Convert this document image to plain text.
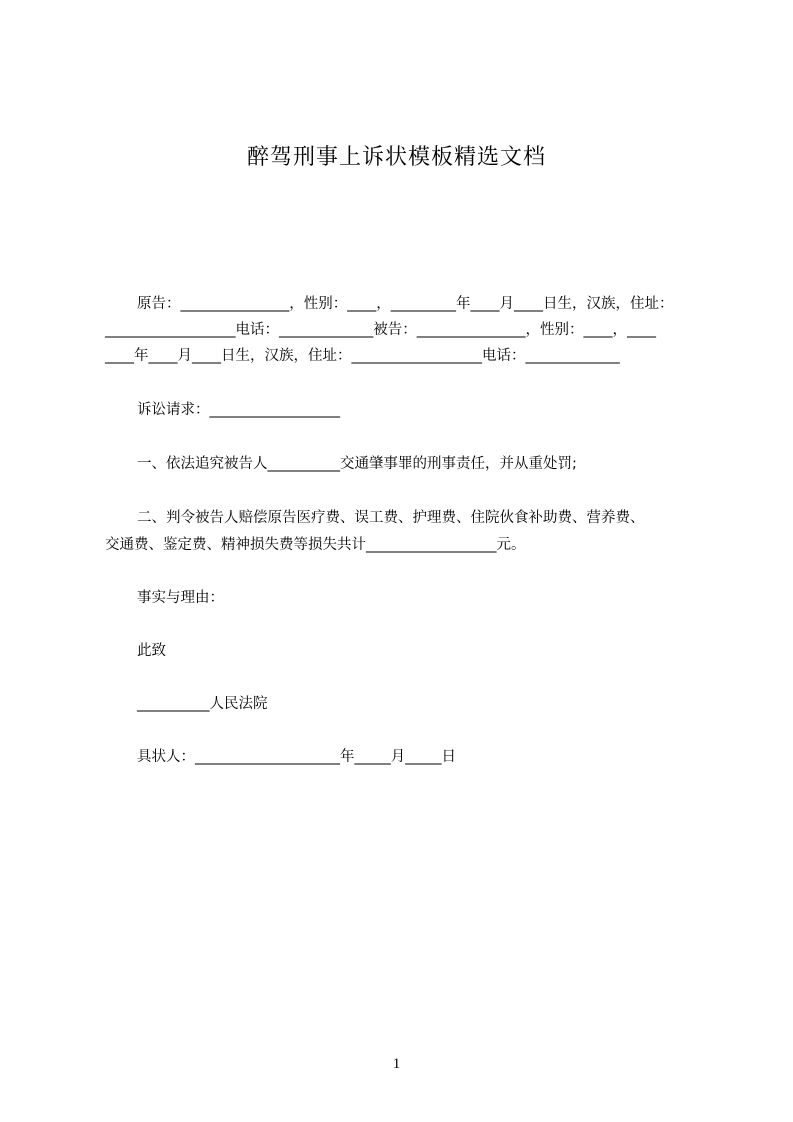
醉驾刑事上诉状模板精选文档
原告：_______________，性别：____，_________年____月____日生，汉族，住址：
__________________电话：_____________被告：_______________，性别：____，____
____年____月____日生，汉族，住址：__________________电话：_____________
诉讼请求：__________________
一、依法追究被告人__________交通肇事罪的刑事责任，并从重处罚;
二、判令被告人赔偿原告医疗费、误工费、护理费、住院伙食补助费、营养费、
交通费、鉴定费、精神损失费等损失共计__________________元。
事实与理由：
此致
__________人民法院
具状人：____________________年_____月_____日
1
